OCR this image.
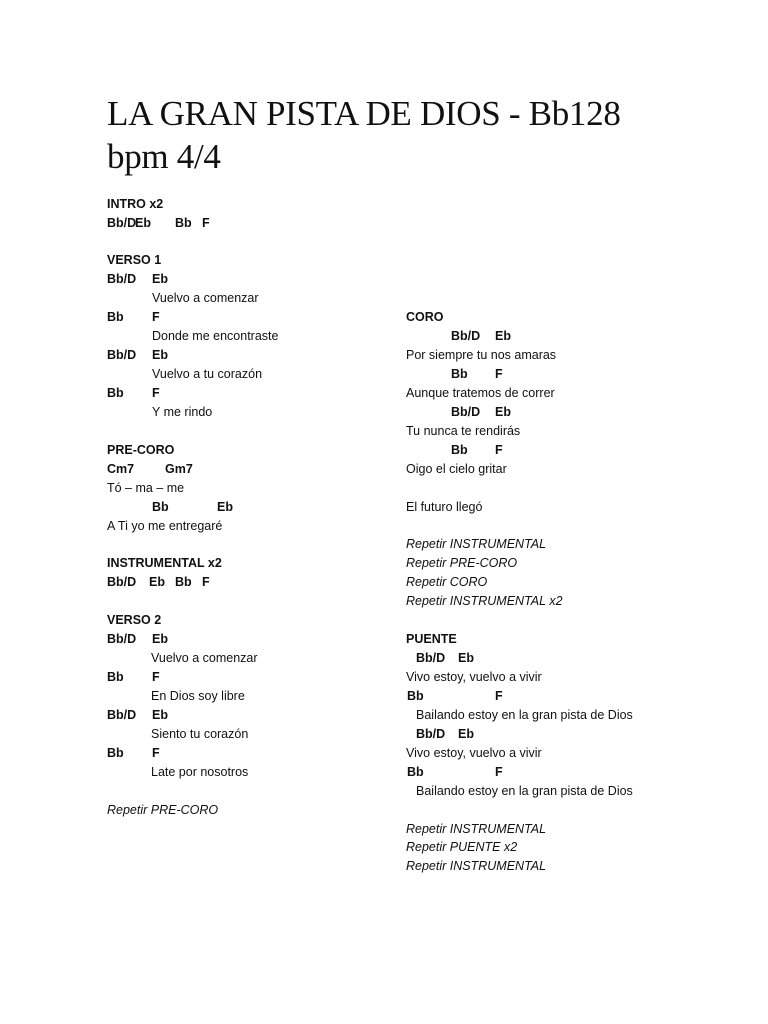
LA GRAN PISTA DE DIOS - Bb128 bpm 4/4
INTRO x2
Bb/D
Eb Bb F
VERSO 1
Bb/D Eb
Vuelvo a comenzar
Bb F
Donde me encontraste
Bb/D Eb
Vuelvo a tu corazón
Bb F
Y me rindo
PRE-CORO
Cm7 Gm7
Tó – ma – me
Bb	Eb
A Ti yo me entregaré
INSTRUMENTAL x2
Bb/D Eb Bb F
VERSO 2
Bb/D Eb
Vuelvo a comenzar
Bb F
En Dios soy libre
Bb/D Eb
Siento tu corazón
Bb F
Late por nosotros
Repetir PRE-CORO
CORO
Bb/D Eb
Por siempre tu nos amaras
Bb F
Aunque tratemos de correr
Bb/D Eb
Tu nunca te rendirás
Bb F
Oigo el cielo gritar
El futuro llegó
Repetir INSTRUMENTAL
Repetir PRE-CORO
Repetir CORO
Repetir INSTRUMENTAL x2
PUENTE
Bb/D Eb
Vivo estoy, vuelvo a vivir
Bb	F
Bailando estoy en la gran pista de Dios
Bb/D Eb
Vivo estoy, vuelvo a vivir
Bb	F
Bailando estoy en la gran pista de Dios
Repetir INSTRUMENTAL
Repetir PUENTE x2
Repetir INSTRUMENTAL
